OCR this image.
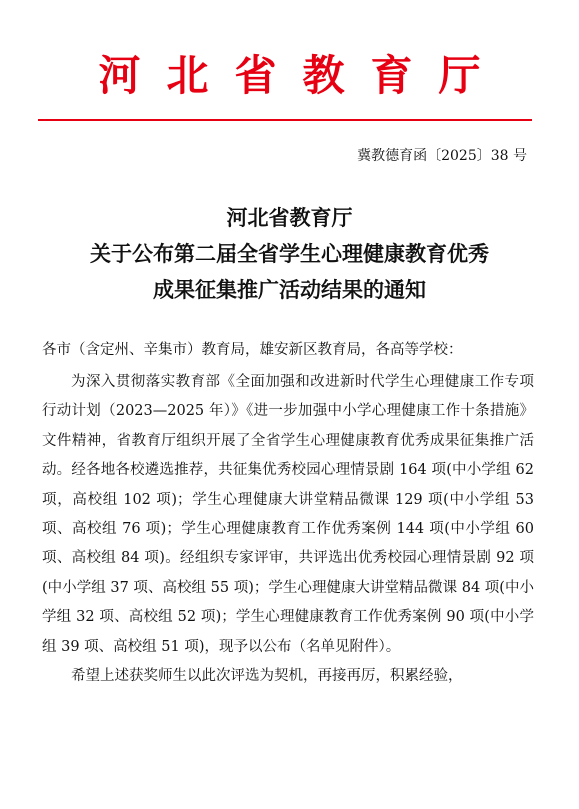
河北省教育厅
冀教德育函〔2025〕38 号
河北省教育厅
关于公布第二届全省学生心理健康教育优秀
成果征集推广活动结果的通知
各市（含定州、辛集市）教育局，雄安新区教育局，各高等学校：

为深入贯彻落实教育部《全面加强和改进新时代学生心理健康工作专项行动计划（2023—2025 年）》《进一步加强中小学心理健康工作十条措施》文件精神，省教育厅组织开展了全省学生心理健康教育优秀成果征集推广活动。经各地各校遴选推荐，共征集优秀校园心理情景剧 164 项(中小学组 62 项，高校组 102 项)；学生心理健康大讲堂精品微课 129 项(中小学组 53 项、高校组 76 项)；学生心理健康教育工作优秀案例 144 项(中小学组 60 项、高校组 84 项)。经组织专家评审，共评选出优秀校园心理情景剧 92 项(中小学组 37 项、高校组 55 项)；学生心理健康大讲堂精品微课 84 项(中小学组 32 项、高校组 52 项)；学生心理健康教育工作优秀案例 90 项(中小学组 39 项、高校组 51 项)，现予以公布（名单见附件）。

希望上述获奖师生以此次评选为契机，再接再厉，积累经验，
